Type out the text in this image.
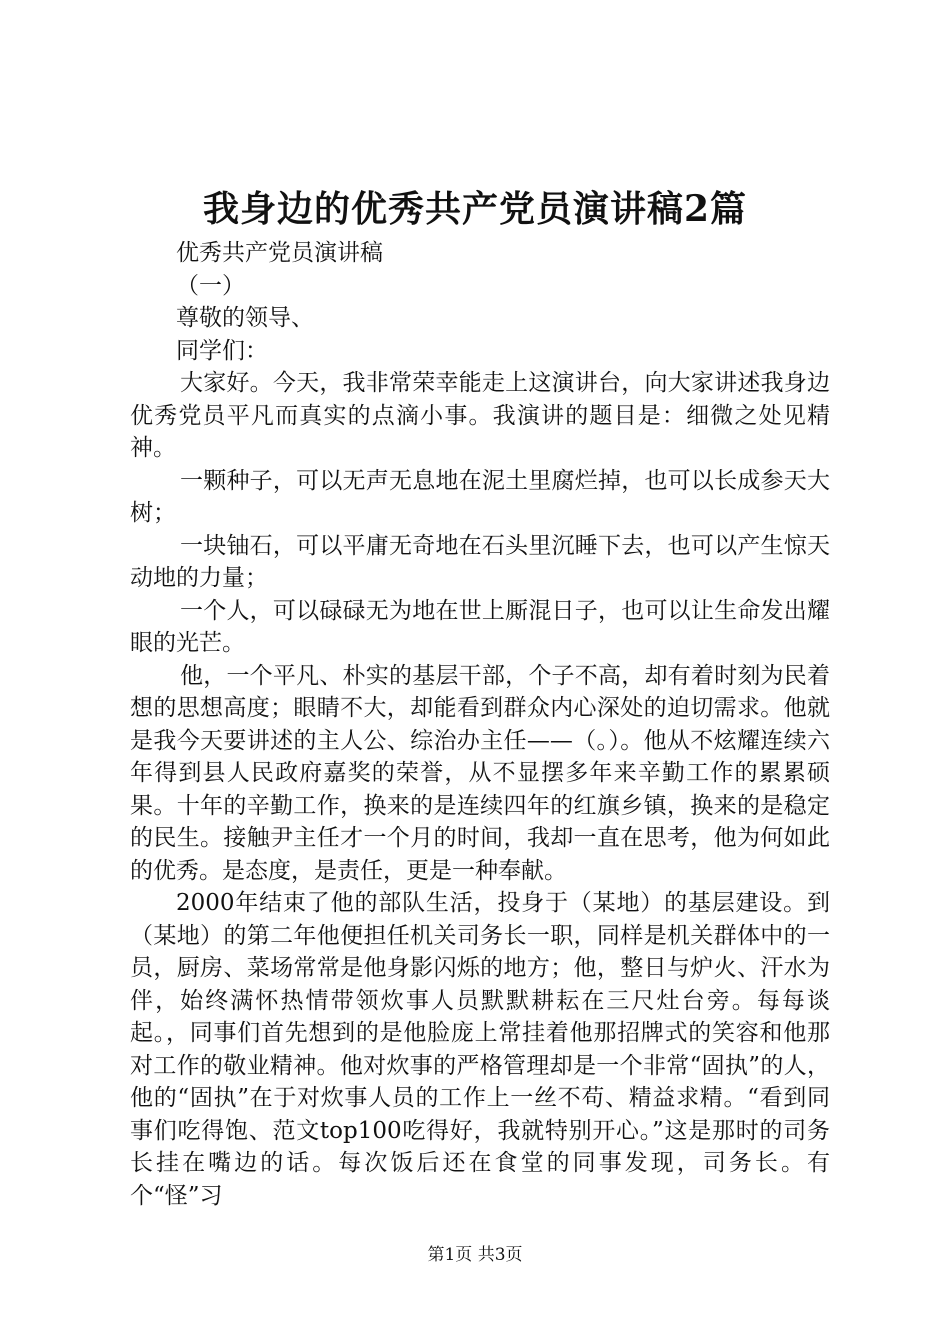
我身边的优秀共产党员演讲稿2篇

优秀共产党员演讲稿

（一）

尊敬的领导、

同学们：

大家好。今天，我非常荣幸能走上这演讲台，向大家讲述我身边优秀党员平凡而真实的点滴小事。我演讲的题目是：细微之处见精神。

一颗种子，可以无声无息地在泥土里腐烂掉，也可以长成参天大树；

一块铀石，可以平庸无奇地在石头里沉睡下去，也可以产生惊天动地的力量；

一个人，可以碌碌无为地在世上厮混日子，也可以让生命发出耀眼的光芒。

他，一个平凡、朴实的基层干部，个子不高，却有着时刻为民着想的思想高度；眼睛不大，却能看到群众内心深处的迫切需求。他就是我今天要讲述的主人公、综治办主任——（。）。他从不炫耀连续六年得到县人民政府嘉奖的荣誉，从不显摆多年来辛勤工作的累累硕果。十年的辛勤工作，换来的是连续四年的红旗乡镇，换来的是稳定的民生。接触尹主任才一个月的时间，我却一直在思考，他为何如此的优秀。是态度，是责任，更是一种奉献。

2000年结束了他的部队生活，投身于（某地）的基层建设。到（某地）的第二年他便担任机关司务长一职，同样是机关群体中的一员，厨房、菜场常常是他身影闪烁的地方；他，整日与炉火、汗水为伴，始终满怀热情带领炊事人员默默耕耘在三尺灶台旁。每每谈起。，同事们首先想到的是他脸庞上常挂着他那招牌式的笑容和他那对工作的敬业精神。他对炊事的严格管理却是一个非常“固执”的人，他的“固执”在于对炊事人员的工作上一丝不苟、精益求精。“看到同事们吃得饱、范文top100吃得好，我就特别开心。”这是那时的司务长挂在嘴边的话。每次饭后还在食堂的同事发现，司务长。有个“怪”习

第1页 共3页
